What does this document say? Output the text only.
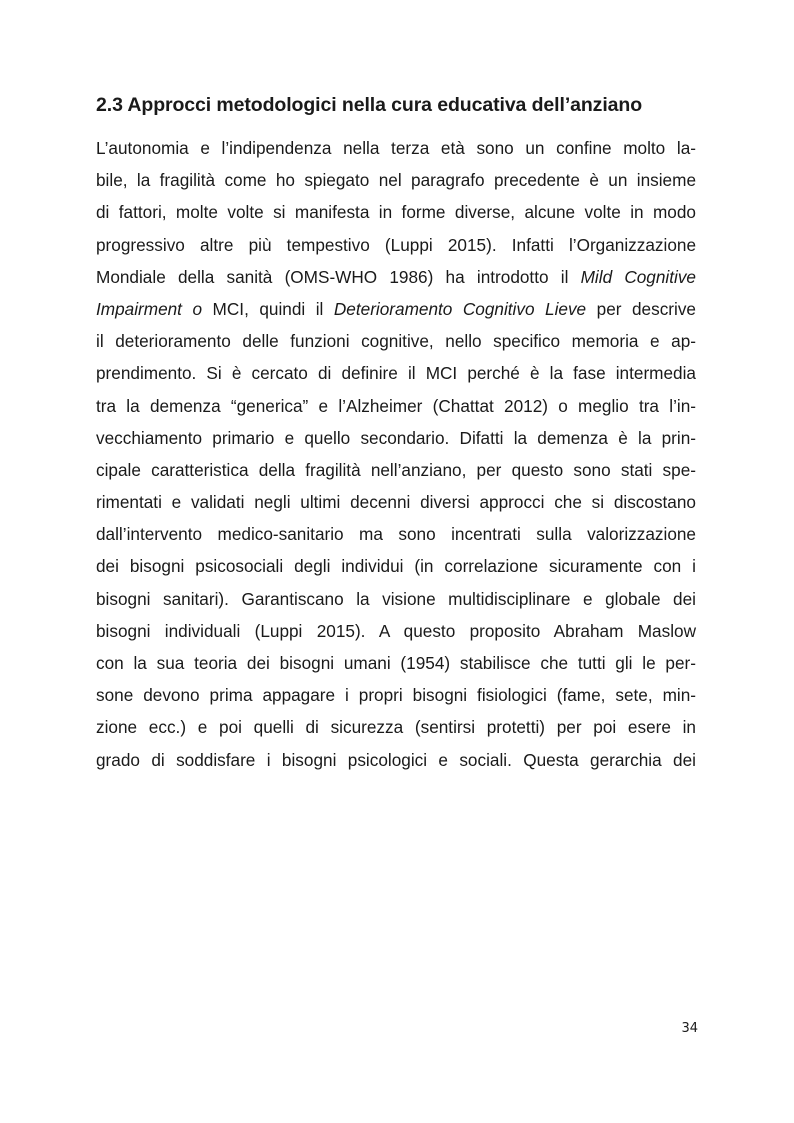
2.3 Approcci metodologici nella cura educativa dell’anziano
L’autonomia e l’indipendenza nella terza età sono un confine molto la-
bile, la fragilità come ho spiegato nel paragrafo precedente è un insieme
di fattori, molte volte si manifesta in forme diverse, alcune volte in modo
progressivo altre più tempestivo (Luppi 2015). Infatti l’Organizzazione
Mondiale della sanità (OMS-WHO 1986) ha introdotto il Mild Cognitive
Impairment o MCI, quindi il Deterioramento Cognitivo Lieve per descrive
il deterioramento delle funzioni cognitive, nello specifico memoria e ap-
prendimento. Si è cercato di definire il MCI perché è la fase intermedia
tra la demenza “generica” e l’Alzheimer (Chattat 2012) o meglio tra l’in-
vecchiamento primario e quello secondario. Difatti la demenza è la prin-
cipale caratteristica della fragilità nell’anziano, per questo sono stati spe-
rimentati e validati negli ultimi decenni diversi approcci che si discostano
dall’intervento medico-sanitario ma sono incentrati sulla valorizzazione
dei bisogni psicosociali degli individui (in correlazione sicuramente con i
bisogni sanitari). Garantiscano la visione multidisciplinare e globale dei
bisogni individuali (Luppi 2015). A questo proposito Abraham Maslow
con la sua teoria dei bisogni umani (1954) stabilisce che tutti gli le per-
sone devono prima appagare i propri bisogni fisiologici (fame, sete, min-
zione ecc.) e poi quelli di sicurezza (sentirsi protetti) per poi esere in
grado di soddisfare i bisogni psicologici e sociali. Questa gerarchia dei
34
